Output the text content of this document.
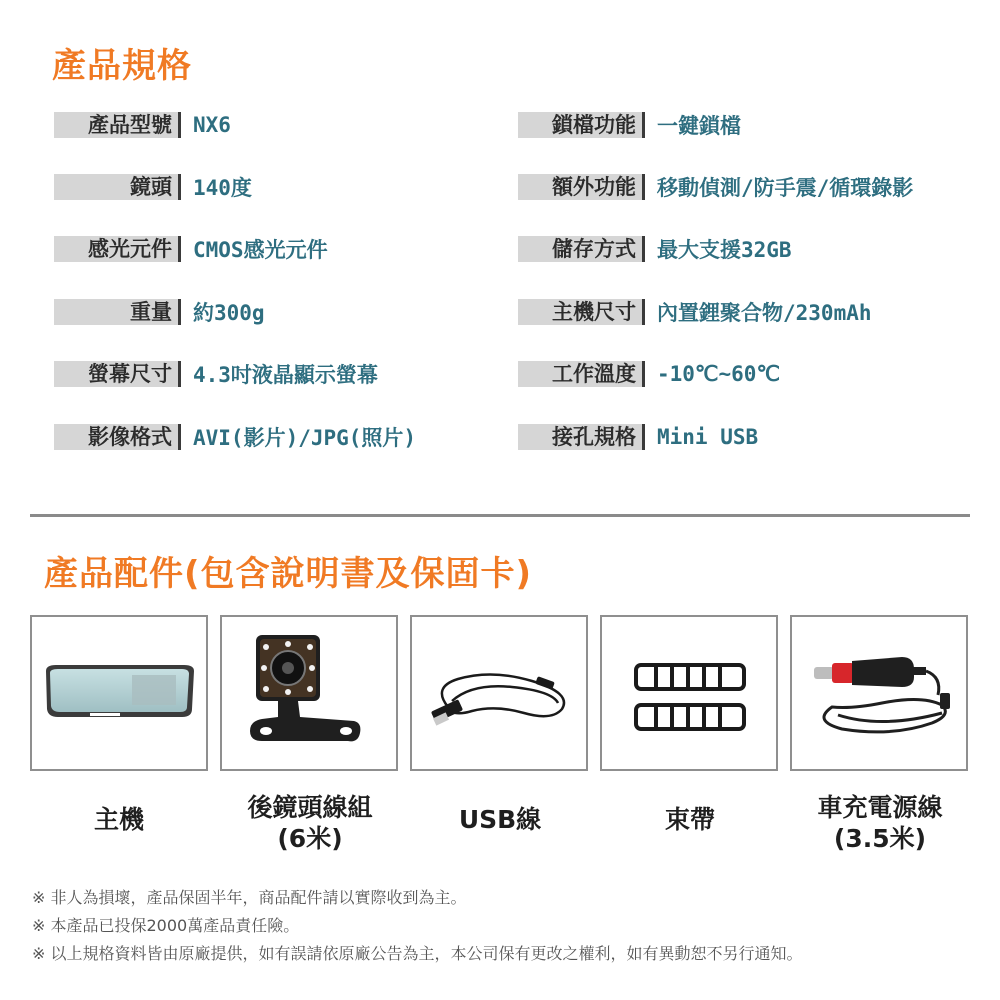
產品規格
產品型號 NX6
鏡頭 140度
感光元件 CMOS感光元件
重量 約300g
螢幕尺寸 4.3吋液晶顯示螢幕
影像格式 AVI(影片)/JPG(照片)
鎖檔功能 一鍵鎖檔
額外功能 移動偵測/防手震/循環錄影
儲存方式 最大支援32GB
主機尺寸 內置鋰聚合物/230mAh
工作溫度 -10℃~60℃
接孔規格 Mini USB
產品配件(包含說明書及保固卡)
主機	後鏡頭線組
(6米)
USB線	束帶	車充電源線
(3.5米)
※ 非人為損壞，產品保固半年，商品配件請以實際收到為主。
※ 本產品已投保2000萬產品責任險。
※ 以上規格資料皆由原廠提供，如有誤請依原廠公告為主，本公司保有更改之權利，如有異動恕不另行通知。
